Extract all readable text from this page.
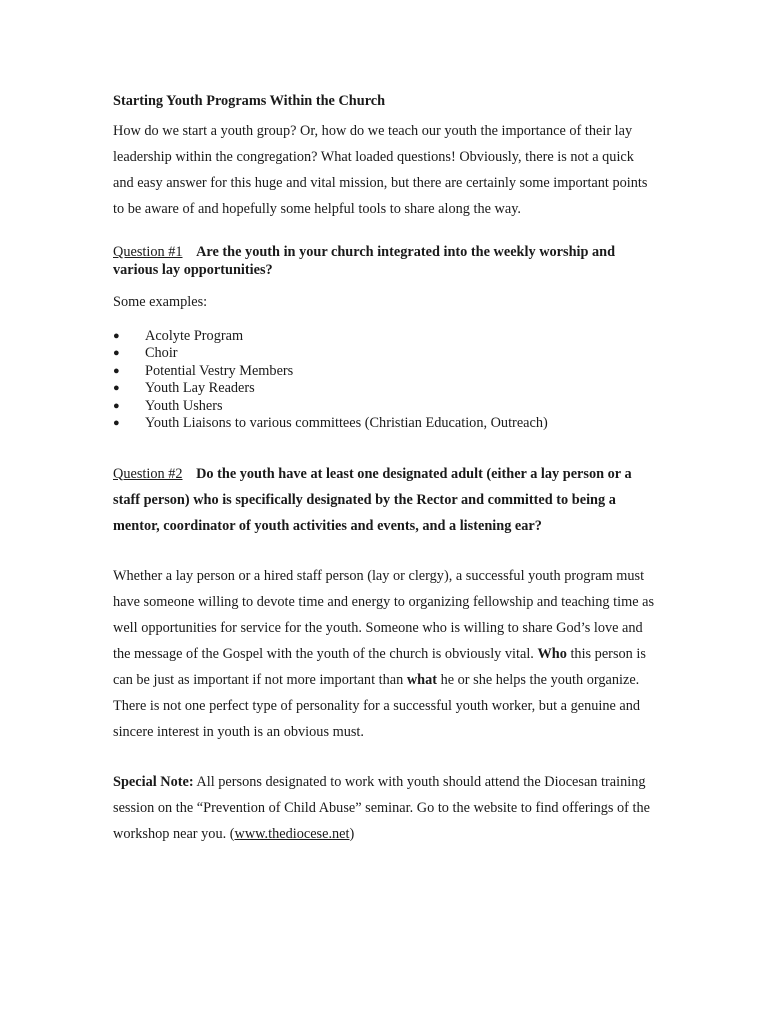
Starting Youth Programs Within the Church

How do we start a youth group? Or, how do we teach our youth the importance of their lay leadership within the congregation? What loaded questions! Obviously, there is not a quick and easy answer for this huge and vital mission, but there are certainly some important points to be aware of and hopefully some helpful tools to share along the way.

Question #1 Are the youth in your church integrated into the weekly worship and various lay opportunities?
Some examples:
● Acolyte Program
● Choir
● Potential Vestry Members
● Youth Lay Readers
● Youth Ushers
● Youth Liaisons to various committees (Christian Education, Outreach)
Question #2 Do the youth have at least one designated adult (either a lay person or a staff person) who is specifically designated by the Rector and committed to being a mentor, coordinator of youth activities and events, and a listening ear?
Whether a lay person or a hired staff person (lay or clergy), a successful youth program must have someone willing to devote time and energy to organizing fellowship and teaching time as well opportunities for service for the youth. Someone who is willing to share God’s love and the message of the Gospel with the youth of the church is obviously vital. Who this person is can be just as important if not more important than what he or she helps the youth organize. There is not one perfect type of personality for a successful youth worker, but a genuine and sincere interest in youth is an obvious must.
Special Note: All persons designated to work with youth should attend the Diocesan training session on the “Prevention of Child Abuse” seminar. Go to the website to find offerings of the workshop near you. (www.thediocese.net)
